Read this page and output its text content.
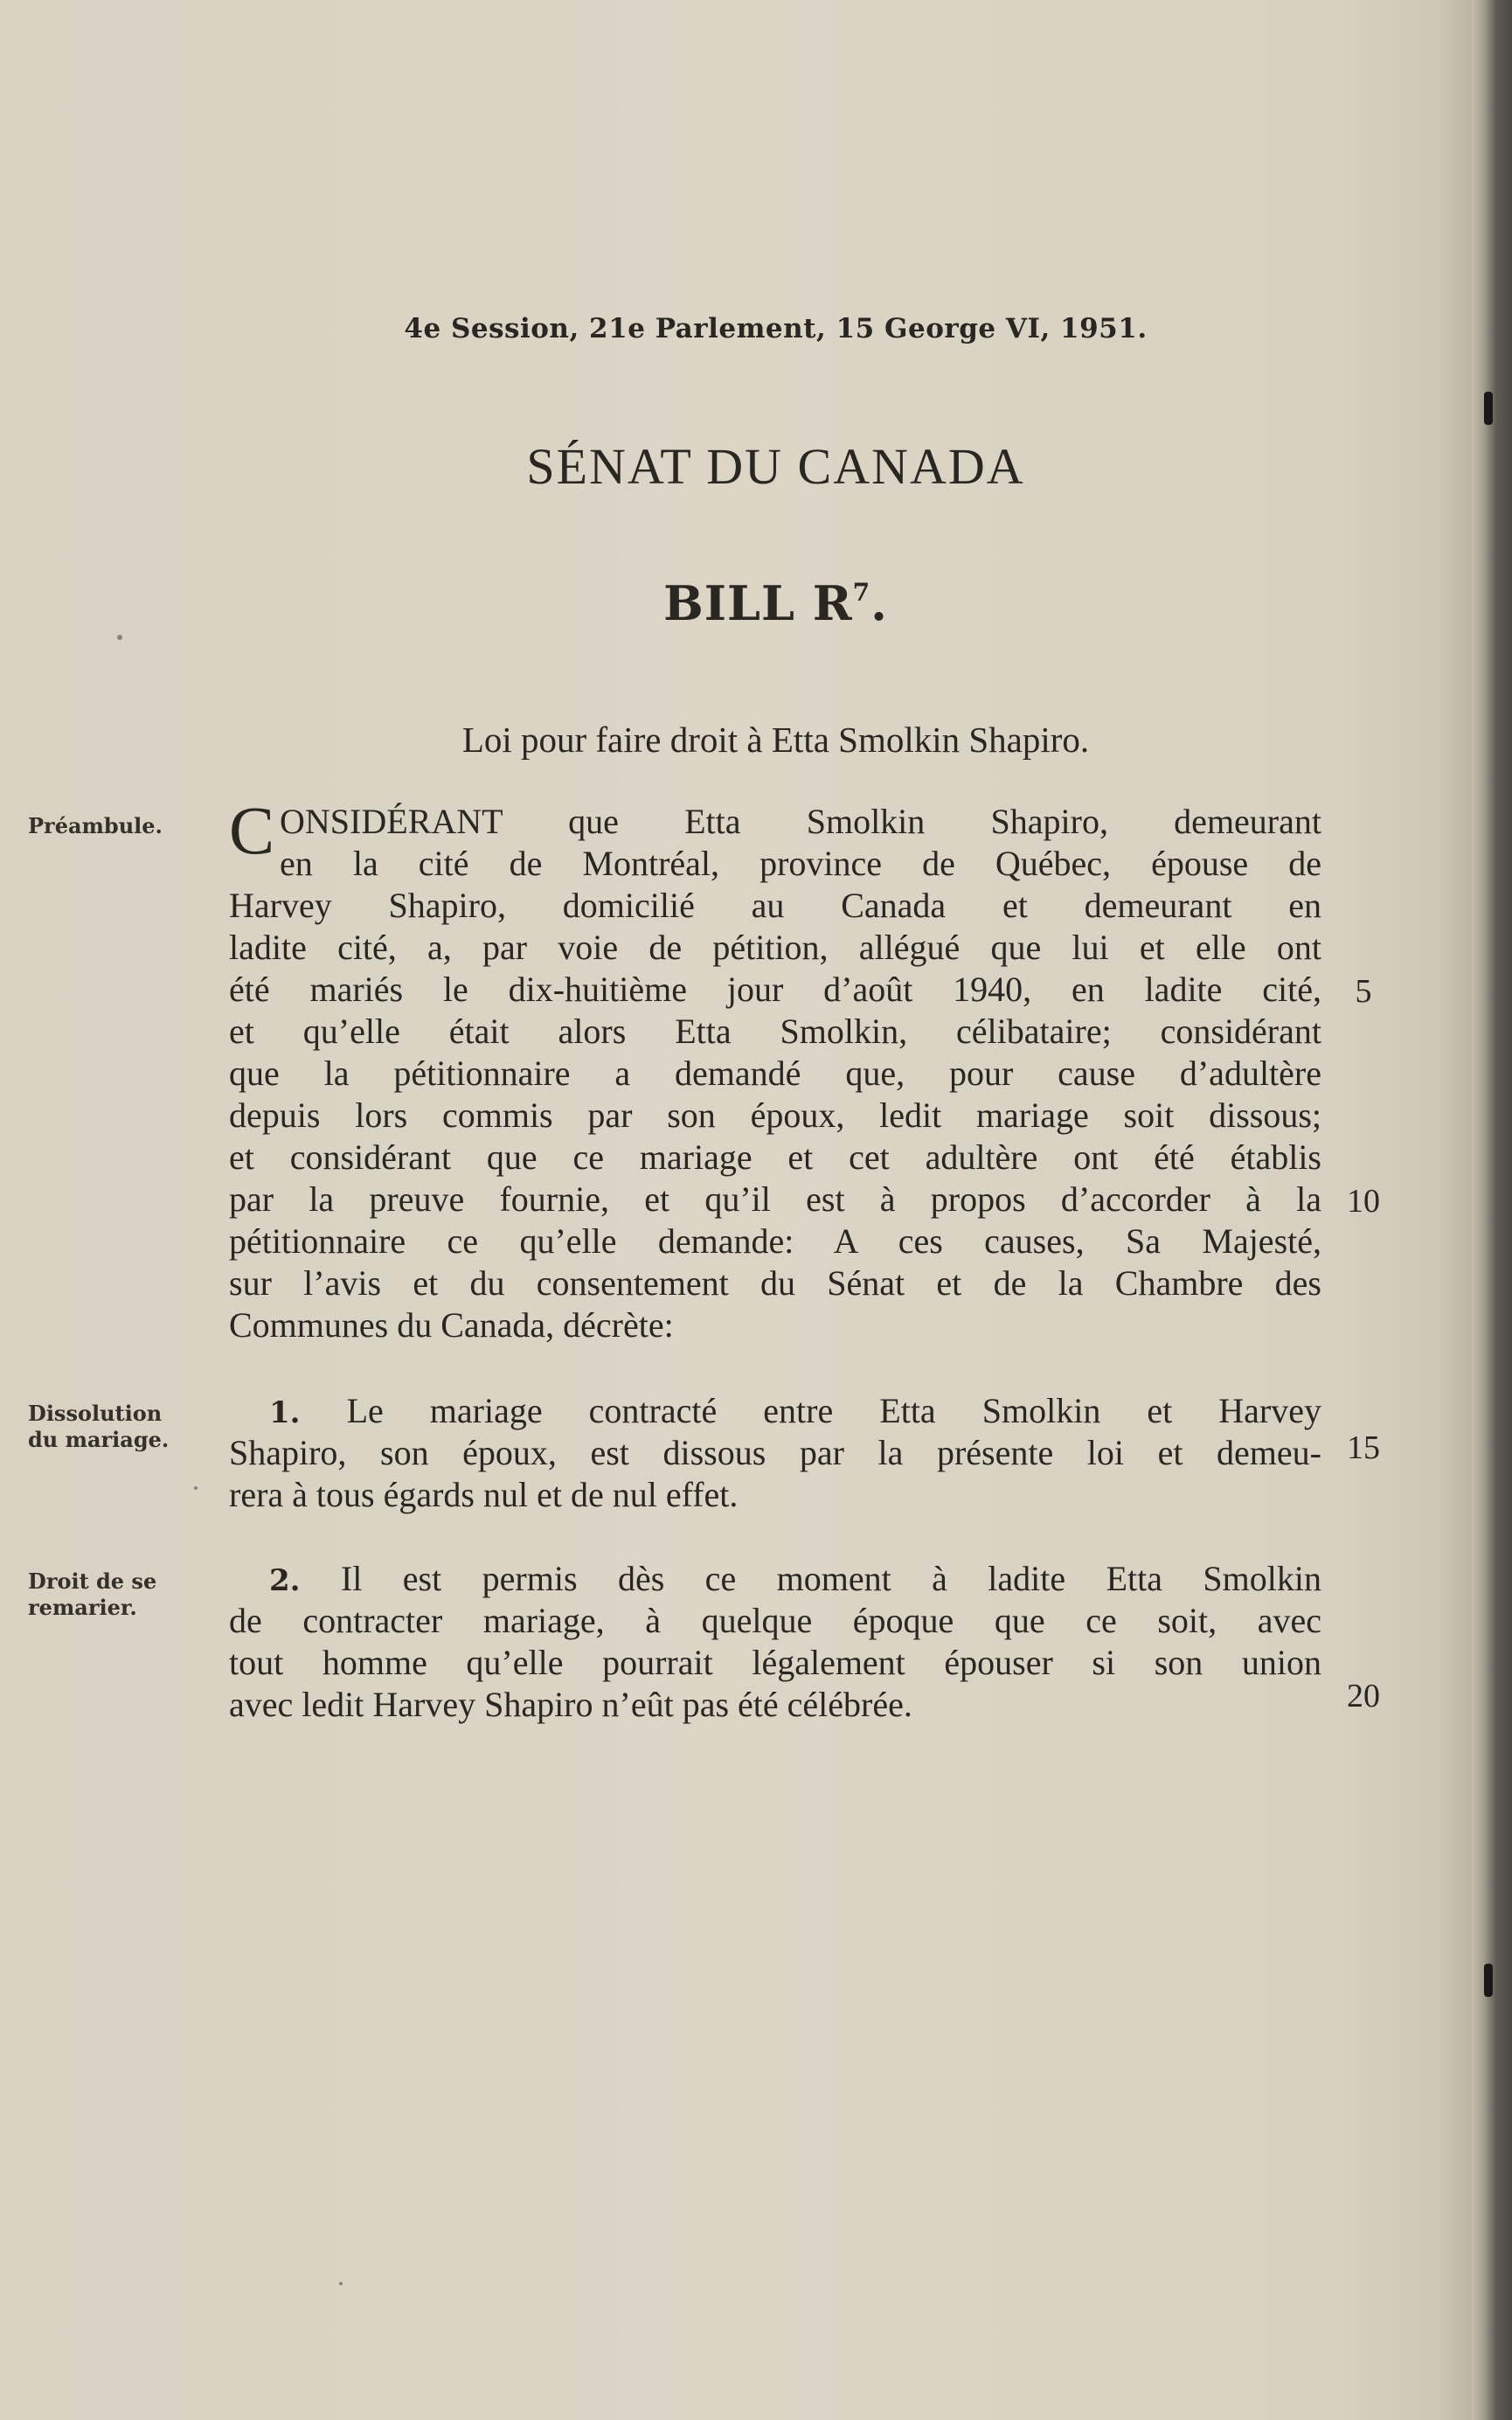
4e Session, 21e Parlement, 15 George VI, 1951.
SÉNAT DU CANADA
BILL $R^7$.
Loi pour faire droit à Etta Smolkin Shapiro.
Préambule.
Dissolution
du mariage.
Droit de se
remarier.
C ONSIDÉRANT que Etta Smolkin Shapiro, demeurant
en la cité de Montréal, province de Québec, épouse de
Harvey Shapiro, domicilié au Canada et demeurant en
ladite cité, a, par voie de pétition, allégué que lui et elle ont
été mariés le dix-huitième jour d’août 1940, en ladite cité,
et qu’elle était alors Etta Smolkin, célibataire; considérant
que la pétitionnaire a demandé que, pour cause d’adultère
depuis lors commis par son époux, ledit mariage soit dissous;
et considérant que ce mariage et cet adultère ont été établis
par la preuve fournie, et qu’il est à propos d’accorder à la
pétitionnaire ce qu’elle demande: A ces causes, Sa Majesté,
sur l’avis et du consentement du Sénat et de la Chambre des
Communes du Canada, décrète:
1. Le mariage contracté entre Etta Smolkin et Harvey
Shapiro, son époux, est dissous par la présente loi et demeu-
rera à tous égards nul et de nul effet.
2. Il est permis dès ce moment à ladite Etta Smolkin
de contracter mariage, à quelque époque que ce soit, avec
tout homme qu’elle pourrait légalement épouser si son union
avec ledit Harvey Shapiro n’eût pas été célébrée.
5
10
15
20
